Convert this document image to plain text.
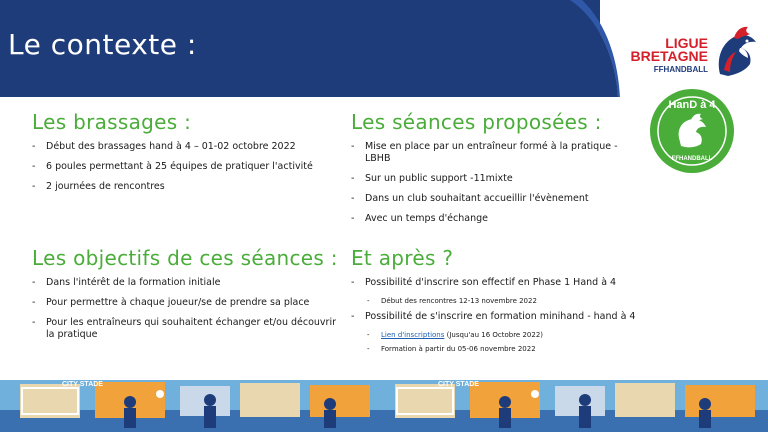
Le contexte :	LIGUE
BRETAGNE
FFHANDBALL
HanD à 4
FFHANDBALL
Les brassages :
- Début des brassages hand à 4 – 01-02 octobre 2022
- 6 poules permettant à 25 équipes de pratiquer l'activité
- 2 journées de rencontres
Les séances proposées :
- Mise en place par un entraîneur formé à la pratique - LBHB
- Sur un public support -11mixte
- Dans un club souhaitant accueillir l'évènement
- Avec un temps d'échange
Les objectifs de ces séances :
- Dans l'intérêt de la formation initiale
- Pour permettre à chaque joueur/se de prendre sa place
- Pour les entraîneurs qui souhaitent échanger et/ou découvrir la pratique
Et après ?
- Possibilité d'inscrire son effectif en Phase 1 Hand à 4
- Début des rencontres 12-13 novembre 2022
- Possibilité de s'inscrire en formation minihand - hand à 4
- Lien d'inscriptions (Jusqu'au 16 Octobre 2022)
- Formation à partir du 05-06 novembre 2022
CITY STADE	CITY STADE
